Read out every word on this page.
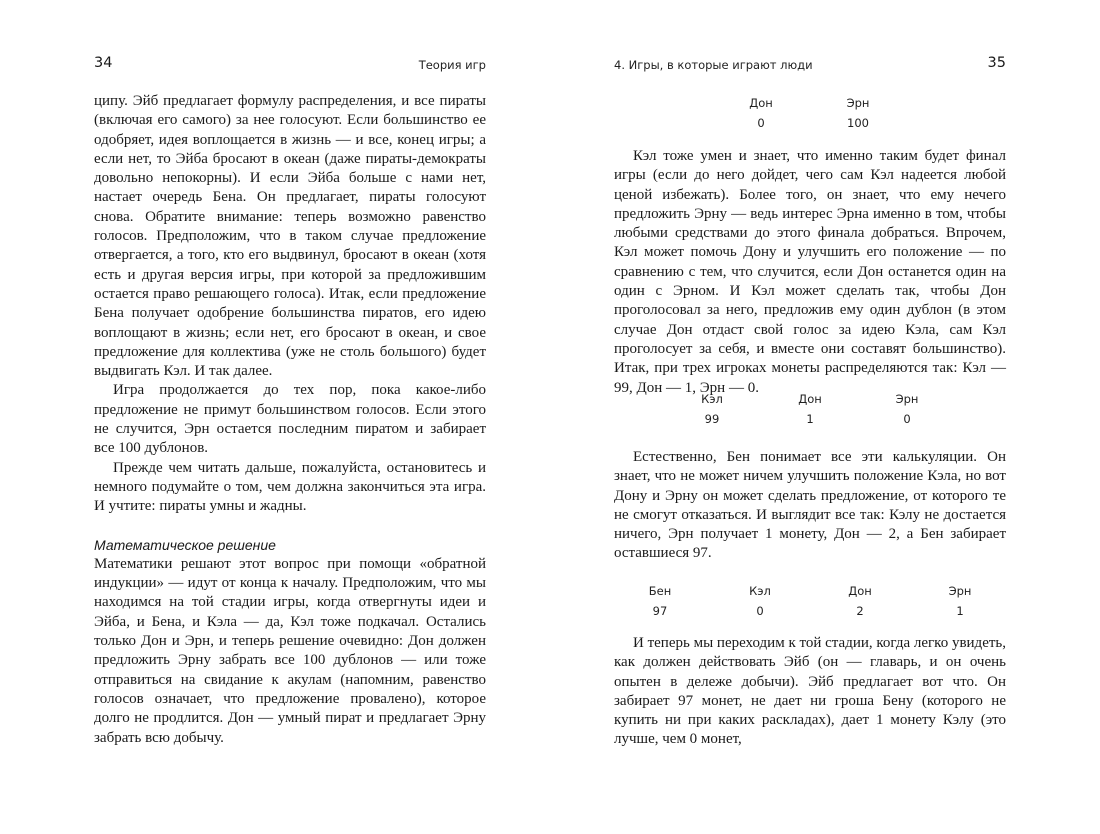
34	Теория игр

ципу. Эйб предлагает формулу распределения, и все пираты (включая его самого) за нее голосуют. Если большинство ее одобряет, идея воплощается в жизнь — и все, конец игры; а если нет, то Эйба бросают в океан (даже пираты-демократы довольно непокорны). И если Эйба больше с нами нет, настает очередь Бена. Он предлагает, пираты голосуют снова. Обратите внимание: теперь возможно равенство голосов. Предположим, что в таком случае предложение отвергается, а того, кто его выдвинул, бросают в океан (хотя есть и другая версия игры, при которой за предложившим остается право решающего голоса). Итак, если предложение Бена получает одобрение большинства пиратов, его идею воплощают в жизнь; если нет, его бросают в океан, и свое предложение для коллектива (уже не столь большого) будет выдвигать Кэл. И так далее.

Игра продолжается до тех пор, пока какое-либо предложение не примут большинством голосов. Если этого не случится, Эрн остается последним пиратом и забирает все 100 дублонов.

Прежде чем читать дальше, пожалуйста, остановитесь и немного подумайте о том, чем должна закончиться эта игра. И учтите: пираты умны и жадны.

Математическое решение

Математики решают этот вопрос при помощи «обратной индукции» — идут от конца к началу. Предположим, что мы находимся на той стадии игры, когда отвергнуты идеи и Эйба, и Бена, и Кэла — да, Кэл тоже подкачал. Остались только Дон и Эрн, и теперь решение очевидно: Дон должен предложить Эрну забрать все 100 дублонов — или тоже отправиться на свидание к акулам (напомним, равенство голосов означает, что предложение провалено), которое долго не продлится. Дон — умный пират и предлагает Эрну забрать всю добычу.

4. Игры, в которые играют люди	35
Дон
0
Эрн
100

Кэл тоже умен и знает, что именно таким будет финал игры (если до него дойдет, чего сам Кэл надеется любой ценой избежать). Более того, он знает, что ему нечего предложить Эрну — ведь интерес Эрна именно в том, чтобы любыми средствами до этого финала добраться. Впрочем, Кэл может помочь Дону и улучшить его положение — по сравнению с тем, что случится, если Дон останется один на один с Эрном. И Кэл может сделать так, чтобы Дон проголосовал за него, предложив ему один дублон (в этом случае Дон отдаст свой голос за идею Кэла, сам Кэл проголосует за себя, и вместе они составят большинство). Итак, при трех игроках монеты распределяются так: Кэл — 99, Дон — 1, Эрн — 0.

Кэл
99
Дон
1
Эрн
0

Естественно, Бен понимает все эти калькуляции. Он знает, что не может ничем улучшить положение Кэла, но вот Дону и Эрну он может сделать предложение, от которого те не смогут отказаться. И выглядит все так: Кэлу не достается ничего, Эрн получает 1 монету, Дон — 2, а Бен забирает оставшиеся 97.

Бен
97
Кэл
0
Дон
2
Эрн
1

И теперь мы переходим к той стадии, когда легко увидеть, как должен действовать Эйб (он — главарь, и он очень опытен в дележе добычи). Эйб предлагает вот что. Он забирает 97 монет, не дает ни гроша Бену (которого не купить ни при каких раскладах), дает 1 монету Кэлу (это лучше, чем 0 монет,
